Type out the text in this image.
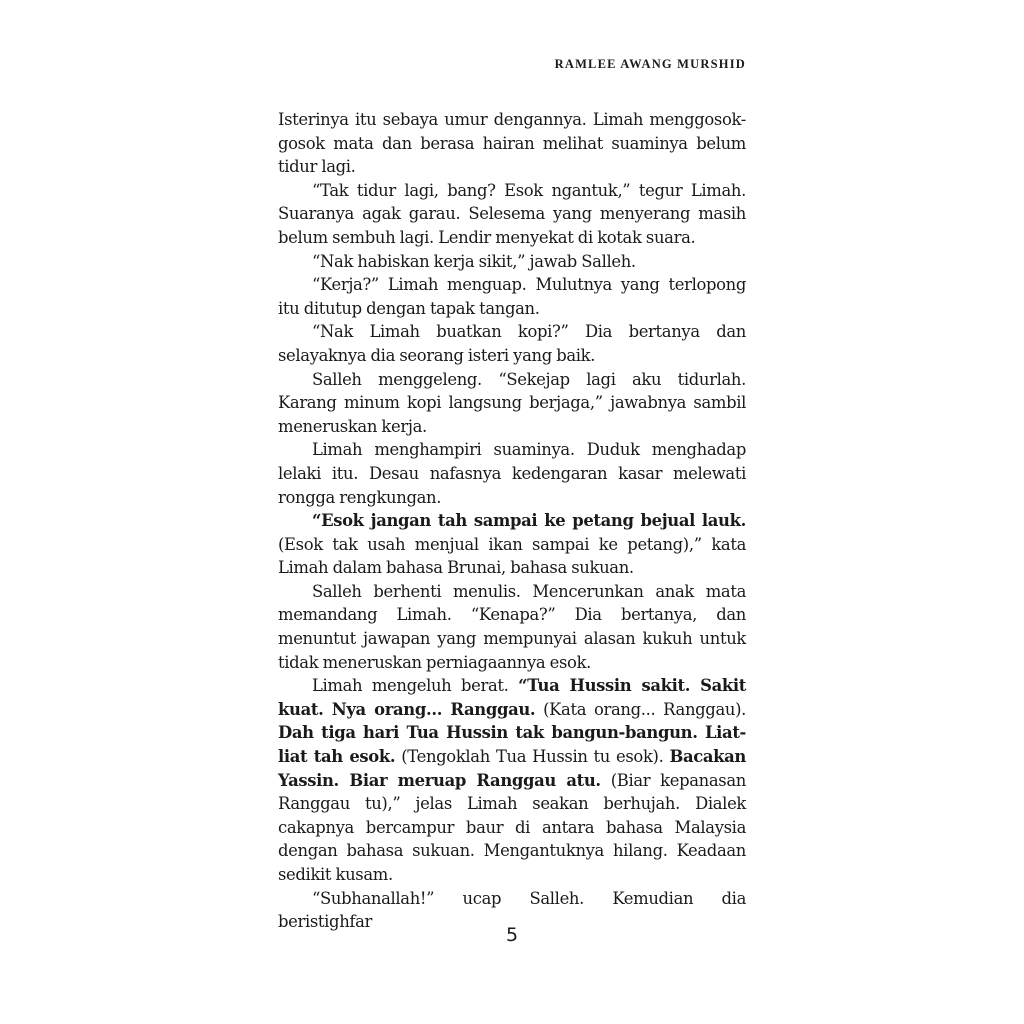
RAMLEE AWANG MURSHID

Isterinya itu sebaya umur dengannya. Limah menggosok-gosok mata dan berasa hairan melihat suaminya belum tidur lagi.

“Tak tidur lagi, bang? Esok ngantuk,” tegur Limah. Suaranya agak garau. Selesema yang menyerang masih belum sembuh lagi. Lendir menyekat di kotak suara.

“Nak habiskan kerja sikit,” jawab Salleh.

“Kerja?” Limah menguap. Mulutnya yang terlopong itu ditutup dengan tapak tangan.

“Nak Limah buatkan kopi?” Dia bertanya dan selayaknya dia seorang isteri yang baik.

Salleh menggeleng. “Sekejap lagi aku tidurlah. Karang minum kopi langsung berjaga,” jawabnya sambil meneruskan kerja.

Limah menghampiri suaminya. Duduk menghadap lelaki itu. Desau nafasnya kedengaran kasar melewati rongga rengkungan.

“Esok jangan tah sampai ke petang bejual lauk. (Esok tak usah menjual ikan sampai ke petang),” kata Limah dalam bahasa Brunai, bahasa sukuan.

Salleh berhenti menulis. Mencerunkan anak mata memandang Limah. “Kenapa?” Dia bertanya, dan menuntut jawapan yang mempunyai alasan kukuh untuk tidak meneruskan perniagaannya esok.

Limah mengeluh berat. “Tua Hussin sakit. Sakit kuat. Nya orang... Ranggau. (Kata orang... Ranggau). Dah tiga hari Tua Hussin tak bangun-bangun. Liat-liat tah esok. (Tengoklah Tua Hussin tu esok). Bacakan Yassin. Biar meruap Ranggau atu. (Biar kepanasan Ranggau tu),” jelas Limah seakan berhujah. Dialek cakapnya bercampur baur di antara bahasa Malaysia dengan bahasa sukuan. Mengantuknya hilang. Keadaan sedikit kusam.

“Subhanallah!” ucap Salleh. Kemudian dia beristighfar

5
